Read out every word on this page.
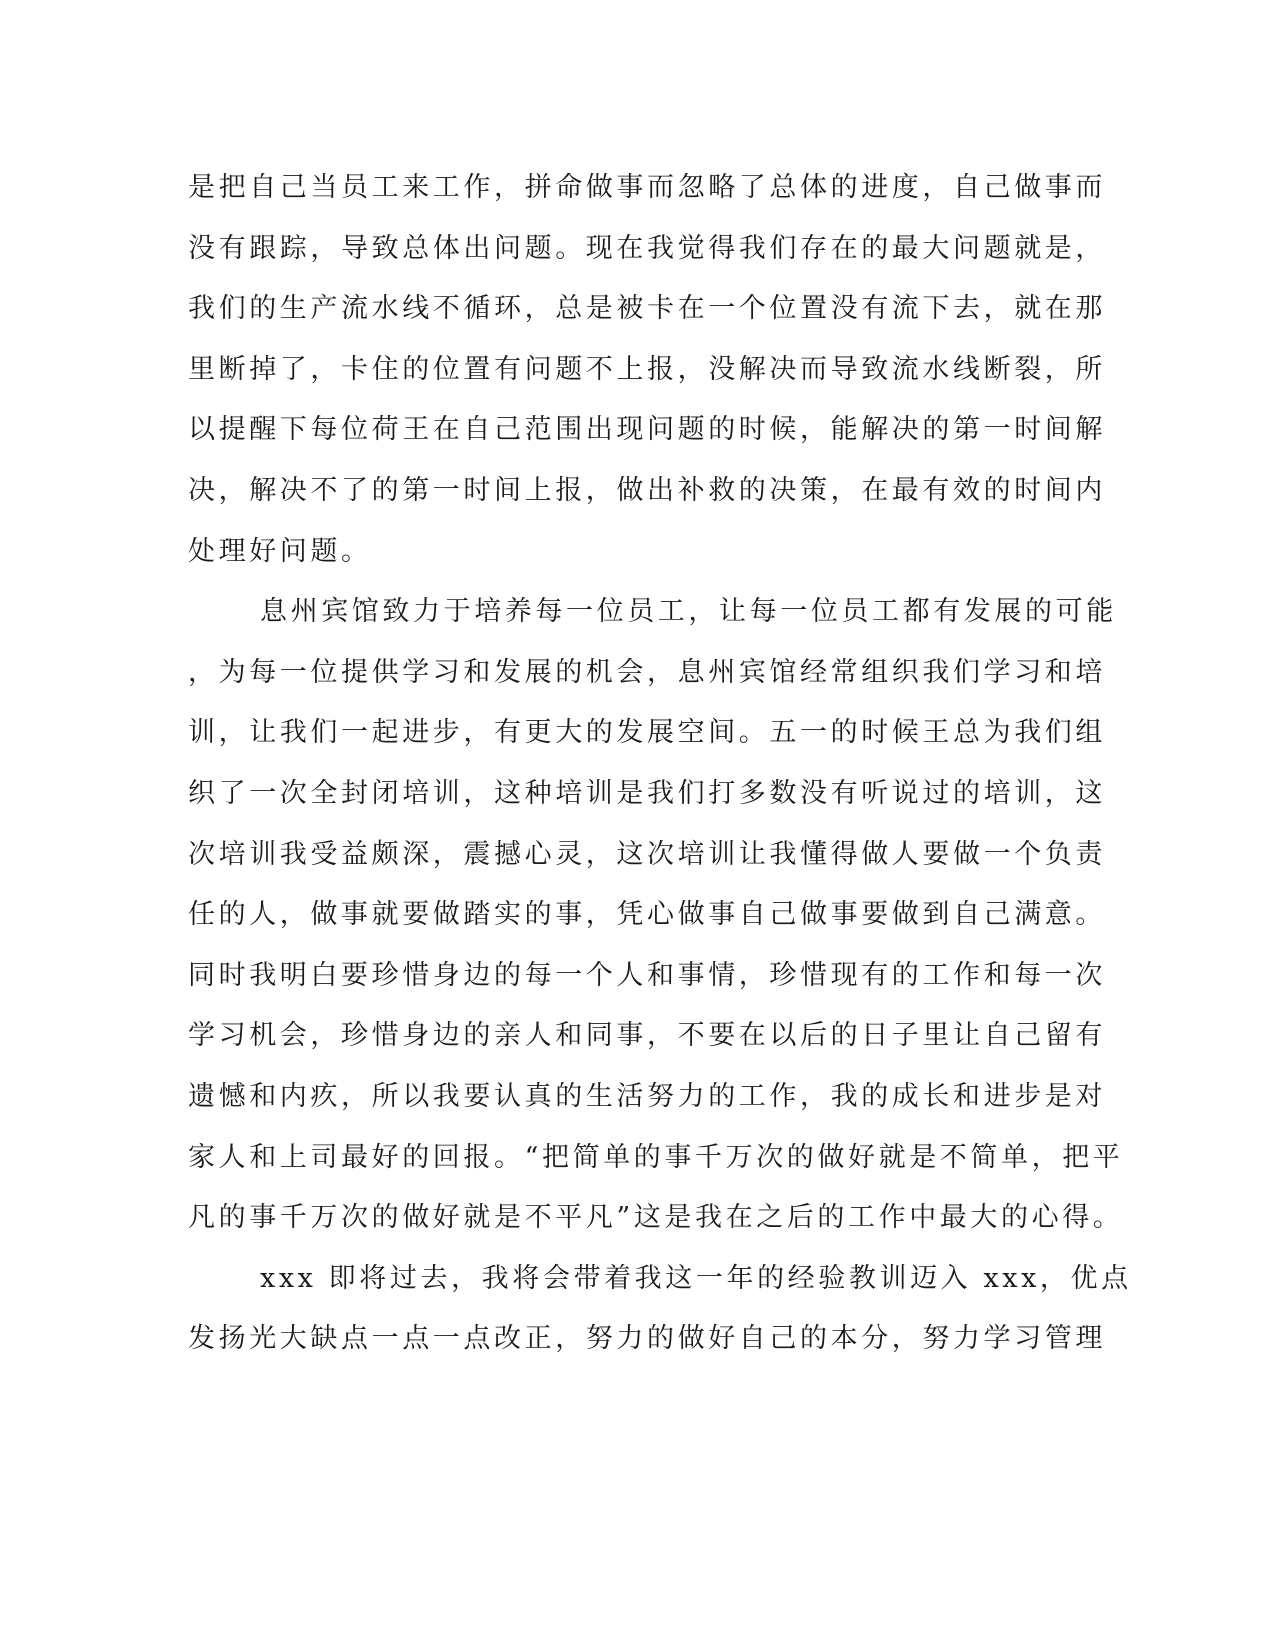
是把自己当员工来工作，拼命做事而忽略了总体的进度，自己做事而
没有跟踪，导致总体出问题。现在我觉得我们存在的最大问题就是，
我们的生产流水线不循环，总是被卡在一个位置没有流下去，就在那
里断掉了，卡住的位置有问题不上报，没解决而导致流水线断裂，所
以提醒下每位荷王在自己范围出现问题的时候，能解决的第一时间解
决，解决不了的第一时间上报，做出补救的决策，在最有效的时间内
处理好问题。
息州宾馆致力于培养每一位员工，让每一位员工都有发展的可能
，为每一位提供学习和发展的机会，息州宾馆经常组织我们学习和培
训，让我们一起进步，有更大的发展空间。五一的时候王总为我们组
织了一次全封闭培训，这种培训是我们打多数没有听说过的培训，这
次培训我受益颇深，震撼心灵，这次培训让我懂得做人要做一个负责
任的人，做事就要做踏实的事，凭心做事自己做事要做到自己满意。
同时我明白要珍惜身边的每一个人和事情，珍惜现有的工作和每一次
学习机会，珍惜身边的亲人和同事，不要在以后的日子里让自己留有
遗憾和内疚，所以我要认真的生活努力的工作，我的成长和进步是对
家人和上司最好的回报。“把简单的事千万次的做好就是不简单，把平
凡的事千万次的做好就是不平凡”这是我在之后的工作中最大的心得。
xxx 即将过去，我将会带着我这一年的经验教训迈入 xxx，优点
发扬光大缺点一点一点改正，努力的做好自己的本分，努力学习管理
